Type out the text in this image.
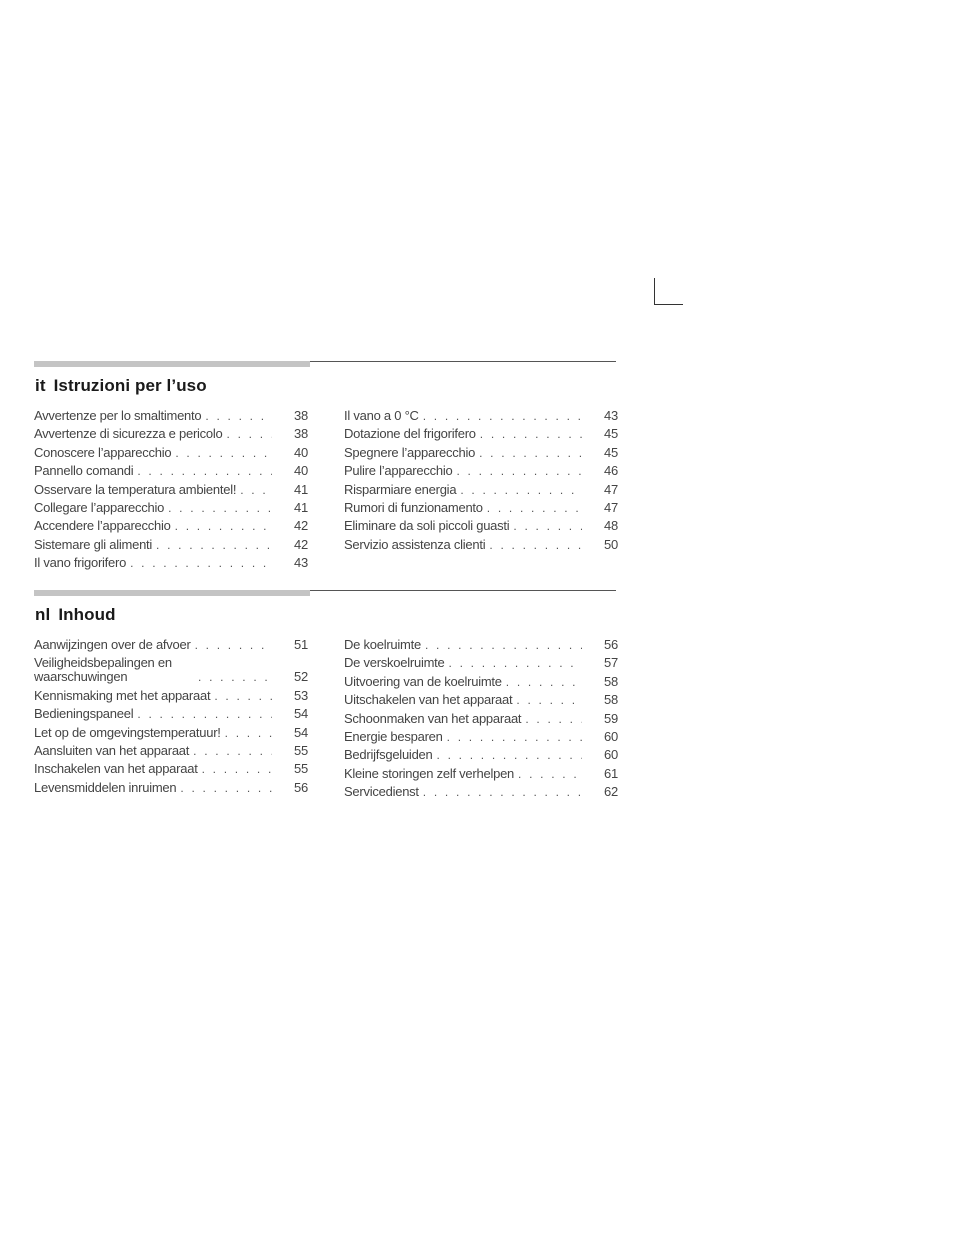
it Istruzioni per l’uso
Avvertenze per lo smaltimento . . .	38
Avvertenze di sicurezza e pericolo . . .	38
Conoscere l’apparecchio . . .	40
Pannello comandi . . .	40
Osservare la temperatura ambientel! . . .	41
Collegare l’apparecchio . . .	41
Accendere l’apparecchio . . .	42
Sistemare gli alimenti . . .	42
Il vano frigorifero . . .	43
Il vano a 0 °C . . .	43
Dotazione del frigorifero . . .	45
Spegnere l’apparecchio . . .	45
Pulire l’apparecchio . . .	46
Risparmiare energia . . .	47
Rumori di funzionamento . . .	47
Eliminare da soli piccoli guasti . . .	48
Servizio assistenza clienti . . .	50
nl Inhoud
Aanwijzingen over de afvoer . . .	51
Veiligheidsbepalingen en waarschuwingen . . .	52
Kennismaking met het apparaat . . .	53
Bedieningspaneel . . .	54
Let op de omgevingstemperatuur! . . .	54
Aansluiten van het apparaat . . .	55
Inschakelen van het apparaat . . .	55
Levensmiddelen inruimen . . .	56
De koelruimte . . .	56
De verskoelruimte . . .	57
Uitvoering van de koelruimte . . .	58
Uitschakelen van het apparaat . . .	58
Schoonmaken van het apparaat . . .	59
Energie besparen . . .	60
Bedrijfsgeluiden . . .	60
Kleine storingen zelf verhelpen . . .	61
Servicedienst . . .	62
